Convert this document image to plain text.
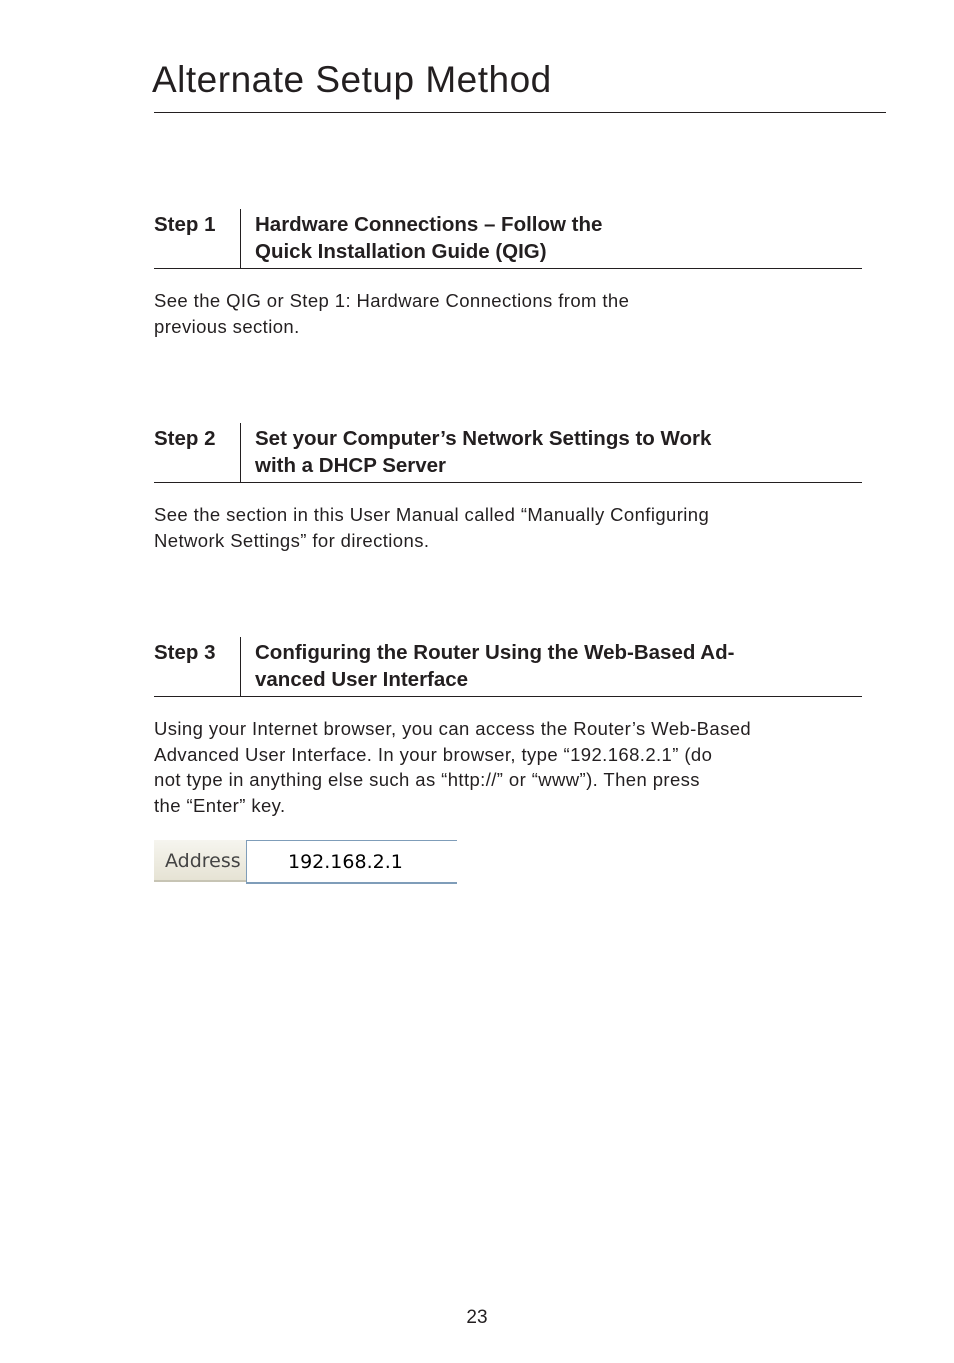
Alternate Setup Method
Step 1 Hardware Connections – Follow the
Quick Installation Guide (QIG)
See the QIG or Step 1: Hardware Connections from the
previous section.
Step 2 Set your Computer’s Network Settings to Work
with a DHCP Server
See the section in this User Manual called “Manually Configuring
Network Settings” for directions.
Step 3 Configuring the Router Using the Web-Based Ad-
vanced User Interface
Using your Internet browser, you can access the Router’s Web-Based
Advanced User Interface. In your browser, type “192.168.2.1” (do
not type in anything else such as “http://” or “www”). Then press
the “Enter” key.
Address	192.168.2.1
23
